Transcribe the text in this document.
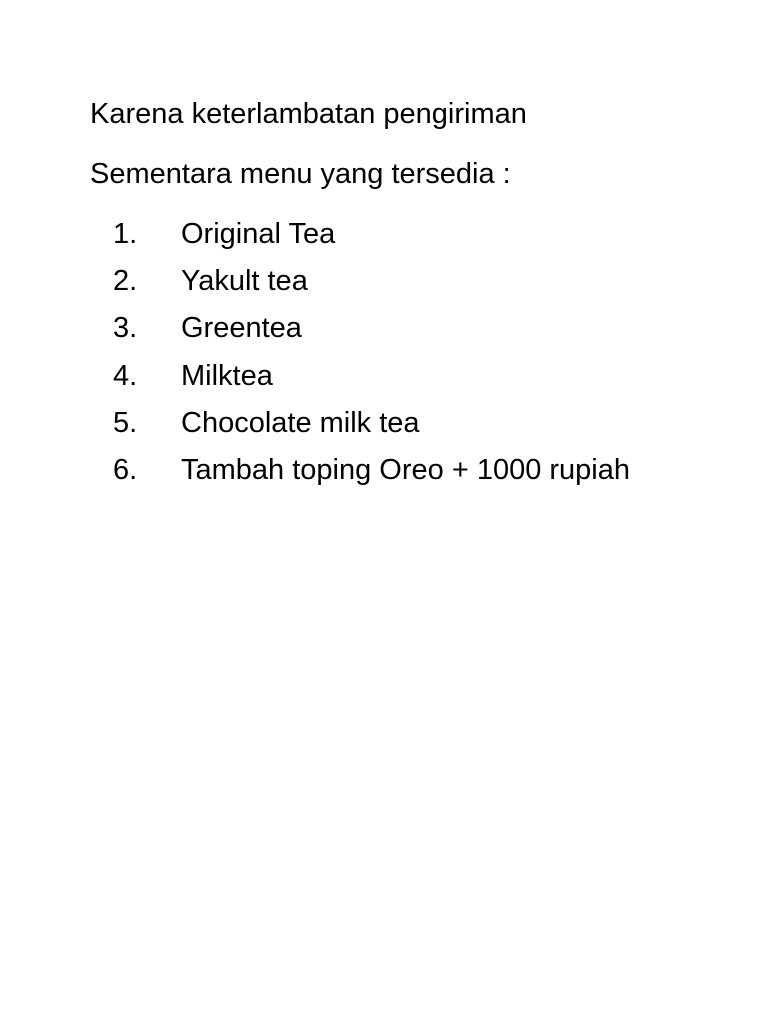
Karena keterlambatan pengiriman

Sementara menu yang tersedia :

1. Original Tea
2. Yakult tea
3. Greentea
4. Milktea
5. Chocolate milk tea
6. Tambah toping Oreo + 1000 rupiah
